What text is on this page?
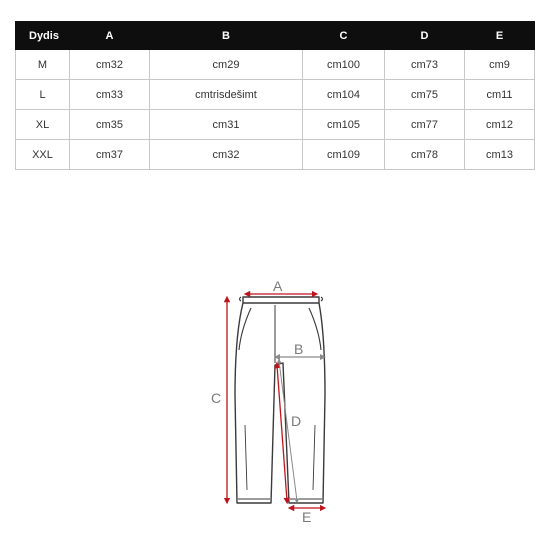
Dydis	A	B	C	D	E
M	cm32	cm29	cm100	cm73	cm9
L	cm33	cmtrisdešimt	cm104	cm75	cm11
XL	cm35	cm31	cm105	cm77	cm12
XXL	cm37	cm32	cm109	cm78	cm13
A
B
C
D
E
